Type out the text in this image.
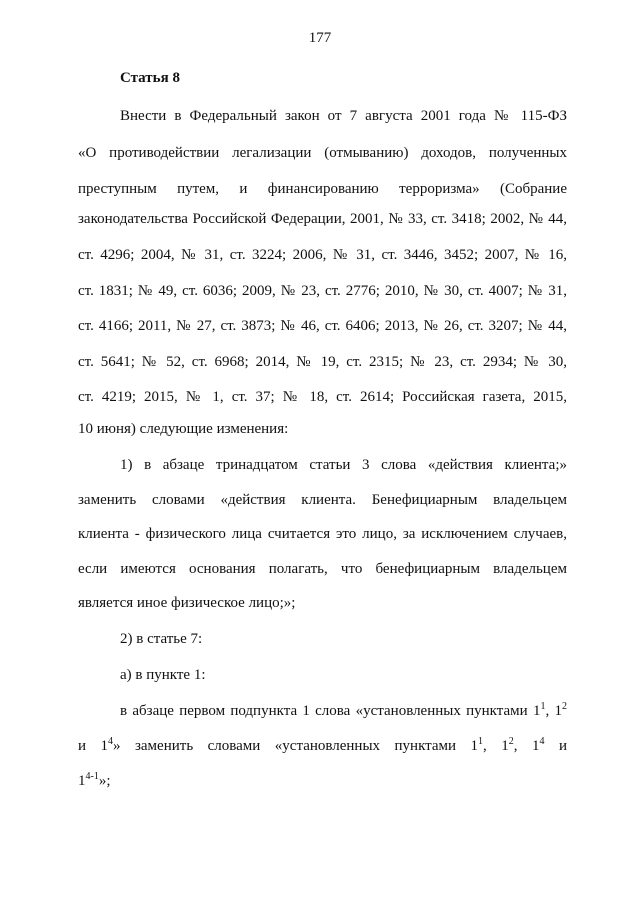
177
Статья 8
Внести в Федеральный закон от 7 августа 2001 года № 115-ФЗ
«О противодействии легализации (отмыванию) доходов, полученных
преступным путем, и финансированию терроризма» (Собрание
законодательства Российской Федерации, 2001, № 33, ст. 3418; 2002, № 44,
ст. 4296; 2004, № 31, ст. 3224; 2006, № 31, ст. 3446, 3452; 2007, № 16,
ст. 1831; № 49, ст. 6036; 2009, № 23, ст. 2776; 2010, № 30, ст. 4007; № 31,
ст. 4166; 2011, № 27, ст. 3873; № 46, ст. 6406; 2013, № 26, ст. 3207; № 44,
ст. 5641; № 52, ст. 6968; 2014, № 19, ст. 2315; № 23, ст. 2934; № 30,
ст. 4219; 2015, № 1, ст. 37; № 18, ст. 2614; Российская газета, 2015,
10 июня) следующие изменения:
1) в абзаце тринадцатом статьи 3 слова «действия клиента;»
заменить словами «действия клиента. Бенефициарным владельцем
клиента - физического лица считается это лицо, за исключением случаев,
если имеются основания полагать, что бенефициарным владельцем
является иное физическое лицо;»;
2) в статье 7:
а) в пункте 1:
в абзаце первом подпункта 1 слова «установленных пунктами $1^1$, $1^2$
и $1^4$» заменить словами «установленных пунктами $1^1$, $1^2$, $1^4$ и
1$^{4-1}$»;
